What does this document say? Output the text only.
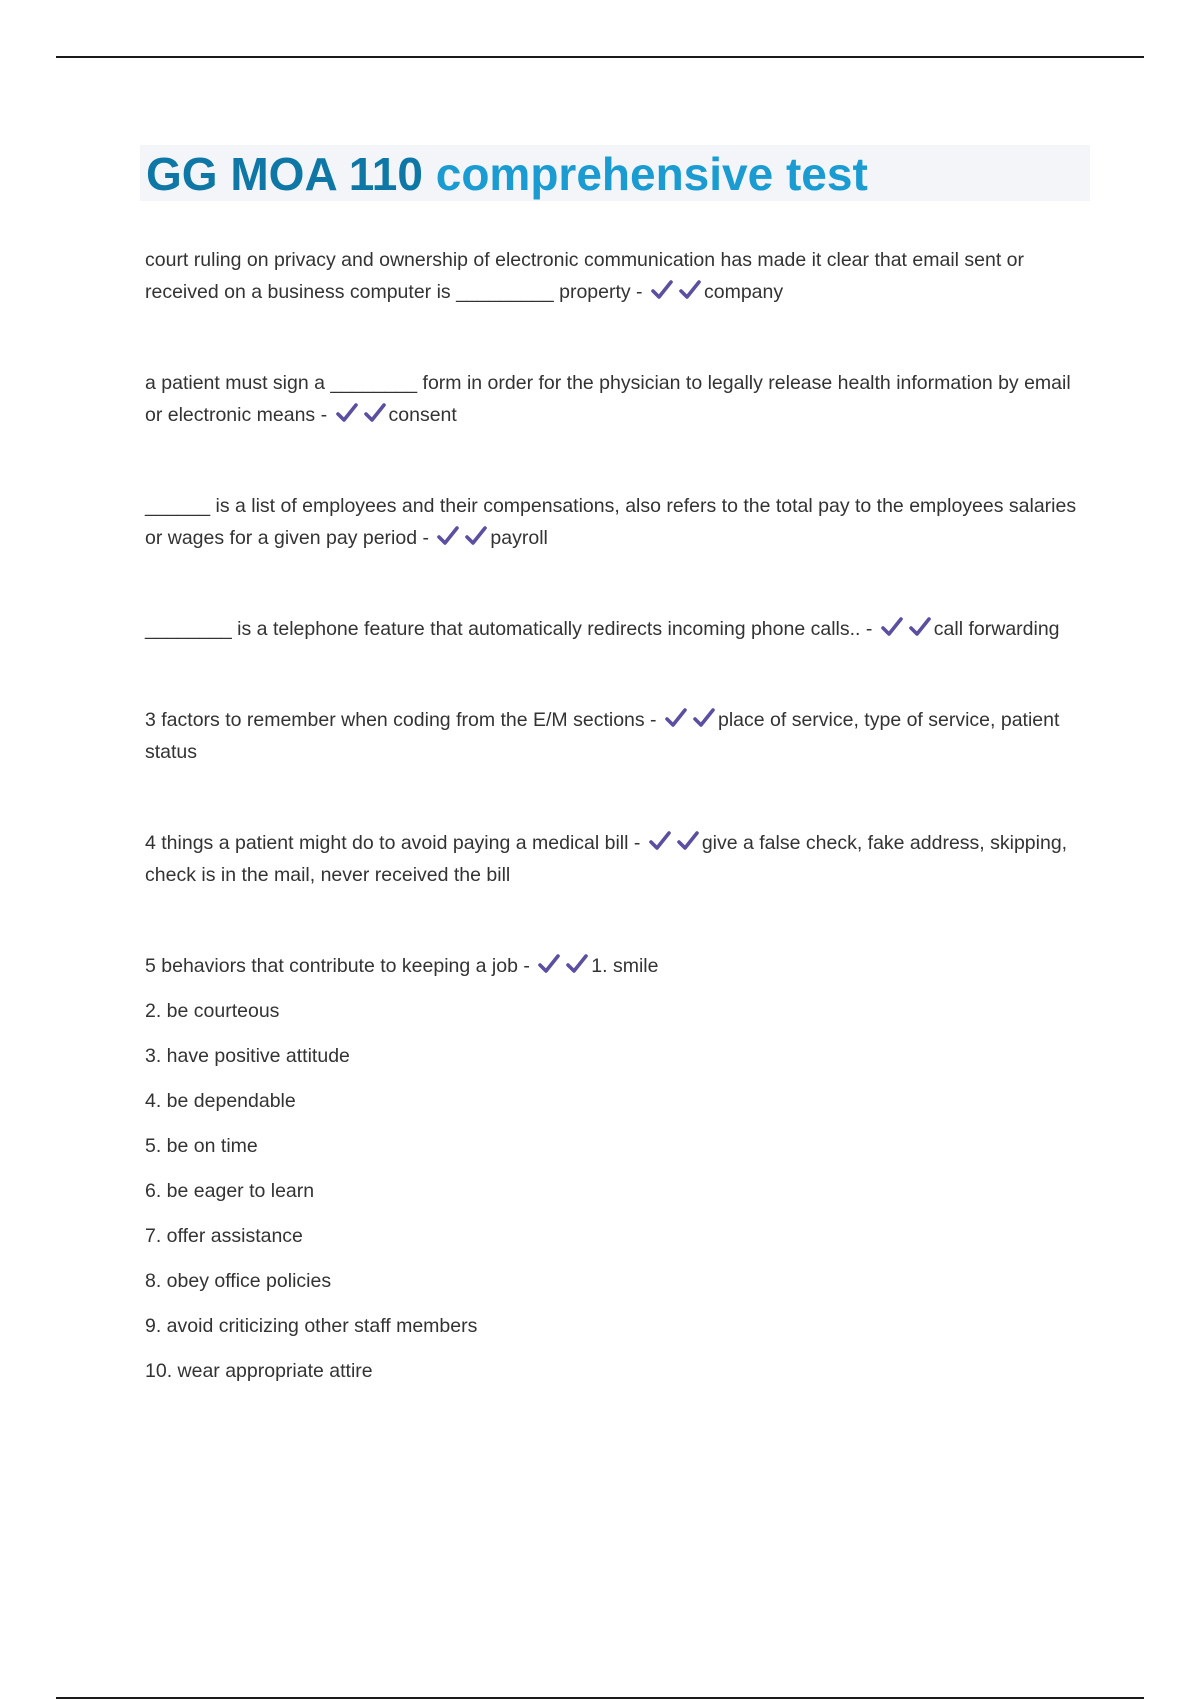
GG MOA 110 comprehensive test

court ruling on privacy and ownership of electronic communication has made it clear that email sent or received on a business computer is _________ property -	company

a patient must sign a ________ form in order for the physician to legally release health information by email or electronic means -	consent

______ is a list of employees and their compensations, also refers to the total pay to the employees salaries or wages for a given pay period -	payroll

________ is a telephone feature that automatically redirects incoming phone calls.. -	call forwarding

3 factors to remember when coding from the E/M sections -	place of service, type of service, patient status

4 things a patient might do to avoid paying a medical bill -	give a false check, fake address, skipping, check is in the mail, never received the bill

5 behaviors that contribute to keeping a job -	1. smile

2. be courteous

3. have positive attitude

4. be dependable

5. be on time

6. be eager to learn

7. offer assistance

8. obey office policies

9. avoid criticizing other staff members

10. wear appropriate attire
